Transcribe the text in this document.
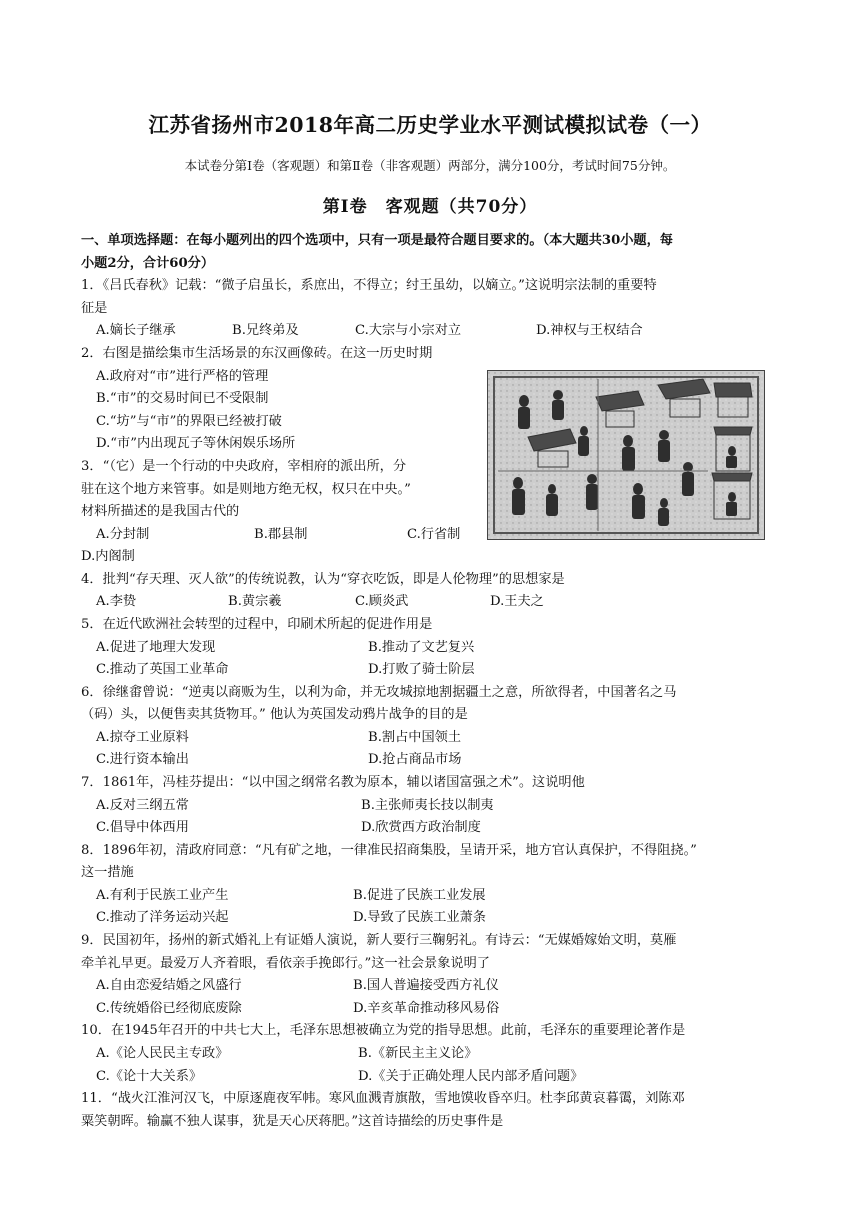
江苏省扬州市2018年高二历史学业水平测试模拟试卷（一）
本试卷分第Ⅰ卷（客观题）和第Ⅱ卷（非客观题）两部分，满分100分，考试时间75分钟。
第Ⅰ卷 客观题（共70分）
一、单项选择题：在每小题列出的四个选项中，只有一项是最符合题目要求的。（本大题共30小题，每
小题2分，合计60分）
1．《吕氏春秋》记载：“微子启虽长，系庶出，不得立；纣王虽幼，以嫡立。”这说明宗法制的重要特
征是
A.嫡长子继承	B.兄终弟及	C.大宗与小宗对立	D.神权与王权结合
2．右图是描绘集市生活场景的东汉画像砖。在这一历史时期
A.政府对“市”进行严格的管理
B.“市”的交易时间已不受限制
C.“坊”与“市”的界限已经被打破
D.“市”内出现瓦子等休闲娱乐场所
3．“（它）是一个行动的中央政府，宰相府的派出所，分
驻在这个地方来管事。如是则地方绝无权，权只在中央。”
材料所描述的是我国古代的
A.分封制	B.郡县制	C.行省制
D.内阁制
4．批判“存天理、灭人欲”的传统说教，认为“穿衣吃饭，即是人伦物理”的思想家是
A.李贽	B.黄宗羲	C.顾炎武	D.王夫之
5．在近代欧洲社会转型的过程中，印刷术所起的促进作用是
A.促进了地理大发现	B.推动了文艺复兴
C.推动了英国工业革命	D.打败了骑士阶层
6．徐继畬曾说：“逆夷以商贩为生，以利为命，并无攻城掠地割据疆土之意，所欲得者，中国著名之马
（码）头，以便售卖其货物耳。” 他认为英国发动鸦片战争的目的是
A.掠夺工业原料	B.割占中国领土
C.进行资本输出	D.抢占商品市场
7．1861年，冯桂芬提出：“以中国之纲常名教为原本，辅以诸国富强之术”。这说明他
A.反对三纲五常	B.主张师夷长技以制夷
C.倡导中体西用	D.欣赏西方政治制度
8．1896年初，清政府同意：“凡有矿之地，一律准民招商集股，呈请开采，地方官认真保护，不得阻挠。”
这一措施
A.有利于民族工业产生	B.促进了民族工业发展
C.推动了洋务运动兴起	D.导致了民族工业萧条
9．民国初年，扬州的新式婚礼上有证婚人演说，新人要行三鞠躬礼。有诗云：“无媒婚嫁始文明，莫雁
牵羊礼早更。最爱万人齐着眼，看依亲手挽郎行。”这一社会景象说明了
A.自由恋爱结婚之风盛行	B.国人普遍接受西方礼仪
C.传统婚俗已经彻底废除	D.辛亥革命推动移风易俗
10．在1945年召开的中共七大上，毛泽东思想被确立为党的指导思想。此前，毛泽东的重要理论著作是
A.《论人民民主专政》	B.《新民主主义论》
C.《论十大关系》	D.《关于正确处理人民内部矛盾问题》
11．“战火江淮河汉飞，中原逐鹿夜军帏。寒风血溅青旗散，雪地馍收昏卒归。杜李邱黄哀暮霭，刘陈邓
粟笑朝晖。输赢不独人谋事，犹是天心厌蒋肥。”这首诗描绘的历史事件是
